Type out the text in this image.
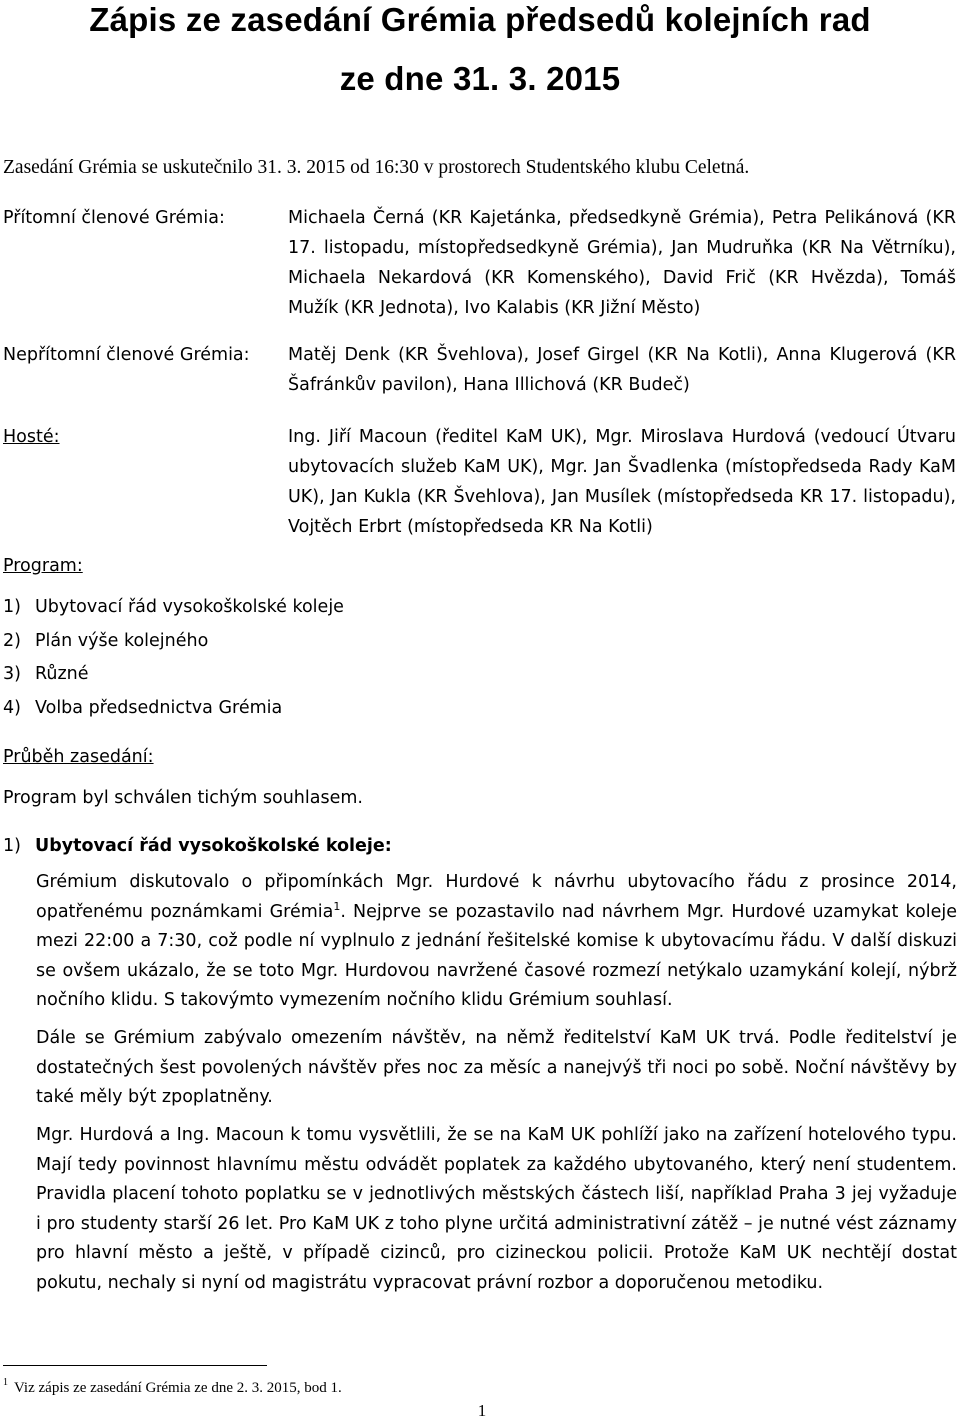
Zápis ze zasedání Grémia předsedů kolejních rad
ze dne 31. 3. 2015
Zasedání Grémia se uskutečnilo 31. 3. 2015 od 16:30 v prostorech Studentského klubu Celetná.
Přítomní členové Grémia:	Michaela Černá (KR Kajetánka, předsedkyně Grémia), Petra Pelikánová (KR 17. listopadu, místopředsedkyně Grémia), Jan Mudruňka (KR Na Větrníku), Michaela Nekardová (KR Komenského), David Frič (KR Hvězda), Tomáš Mužík (KR Jednota), Ivo Kalabis (KR Jižní Město)
Nepřítomní členové Grémia: Matěj Denk (KR Švehlova), Josef Girgel (KR Na Kotli), Anna Klugerová (KR Šafránkův pavilon), Hana Illichová (KR Budeč)
Hosté:	Ing. Jiří Macoun (ředitel KaM UK), Mgr. Miroslava Hurdová (vedoucí Útvaru ubytovacích služeb KaM UK), Mgr. Jan Švadlenka (místopředseda Rady KaM UK), Jan Kukla (KR Švehlova), Jan Musílek (místopředseda KR 17. listopadu), Vojtěch Erbrt (místopředseda KR Na Kotli)
Program:
1) Ubytovací řád vysokoškolské koleje
2) Plán výše kolejného
3) Různé
4) Volba předsednictva Grémia
Průběh zasedání:
Program byl schválen tichým souhlasem.
1) Ubytovací řád vysokoškolské koleje:

Grémium diskutovalo o připomínkách Mgr. Hurdové k návrhu ubytovacího řádu z prosince 2014, opatřenému poznámkami Grémia$^1$. Nejprve se pozastavilo nad návrhem Mgr. Hurdové uzamykat koleje mezi 22:00 a 7:30, což podle ní vyplnulo z jednání řešitelské komise k ubytovacímu řádu. V další diskuzi se ovšem ukázalo, že se toto Mgr. Hurdovou navržené časové rozmezí netýkalo uzamykání kolejí, nýbrž nočního klidu. S takovýmto vymezením nočního klidu Grémium souhlasí.

Dále se Grémium zabývalo omezením návštěv, na němž ředitelství KaM UK trvá. Podle ředitelství je dostatečných šest povolených návštěv přes noc za měsíc a nanejvýš tři noci po sobě. Noční návštěvy by také měly být zpoplatněny.

Mgr. Hurdová a Ing. Macoun k tomu vysvětlili, že se na KaM UK pohlíží jako na zařízení hotelového typu. Mají tedy povinnost hlavnímu městu odvádět poplatek za každého ubytovaného, který není studentem. Pravidla placení tohoto poplatku se v jednotlivých městských částech liší, například Praha 3 jej vyžaduje i pro studenty starší 26 let. Pro KaM UK z toho plyne určitá administrativní zátěž – je nutné vést záznamy pro hlavní město a ještě, v případě cizinců, pro cizineckou policii. Protože KaM UK nechtějí dostat pokutu, nechaly si nyní od magistrátu vypracovat právní rozbor a doporučenou metodiku.

$^1$ Viz zápis ze zasedání Grémia ze dne 2. 3. 2015, bod 1.
1
